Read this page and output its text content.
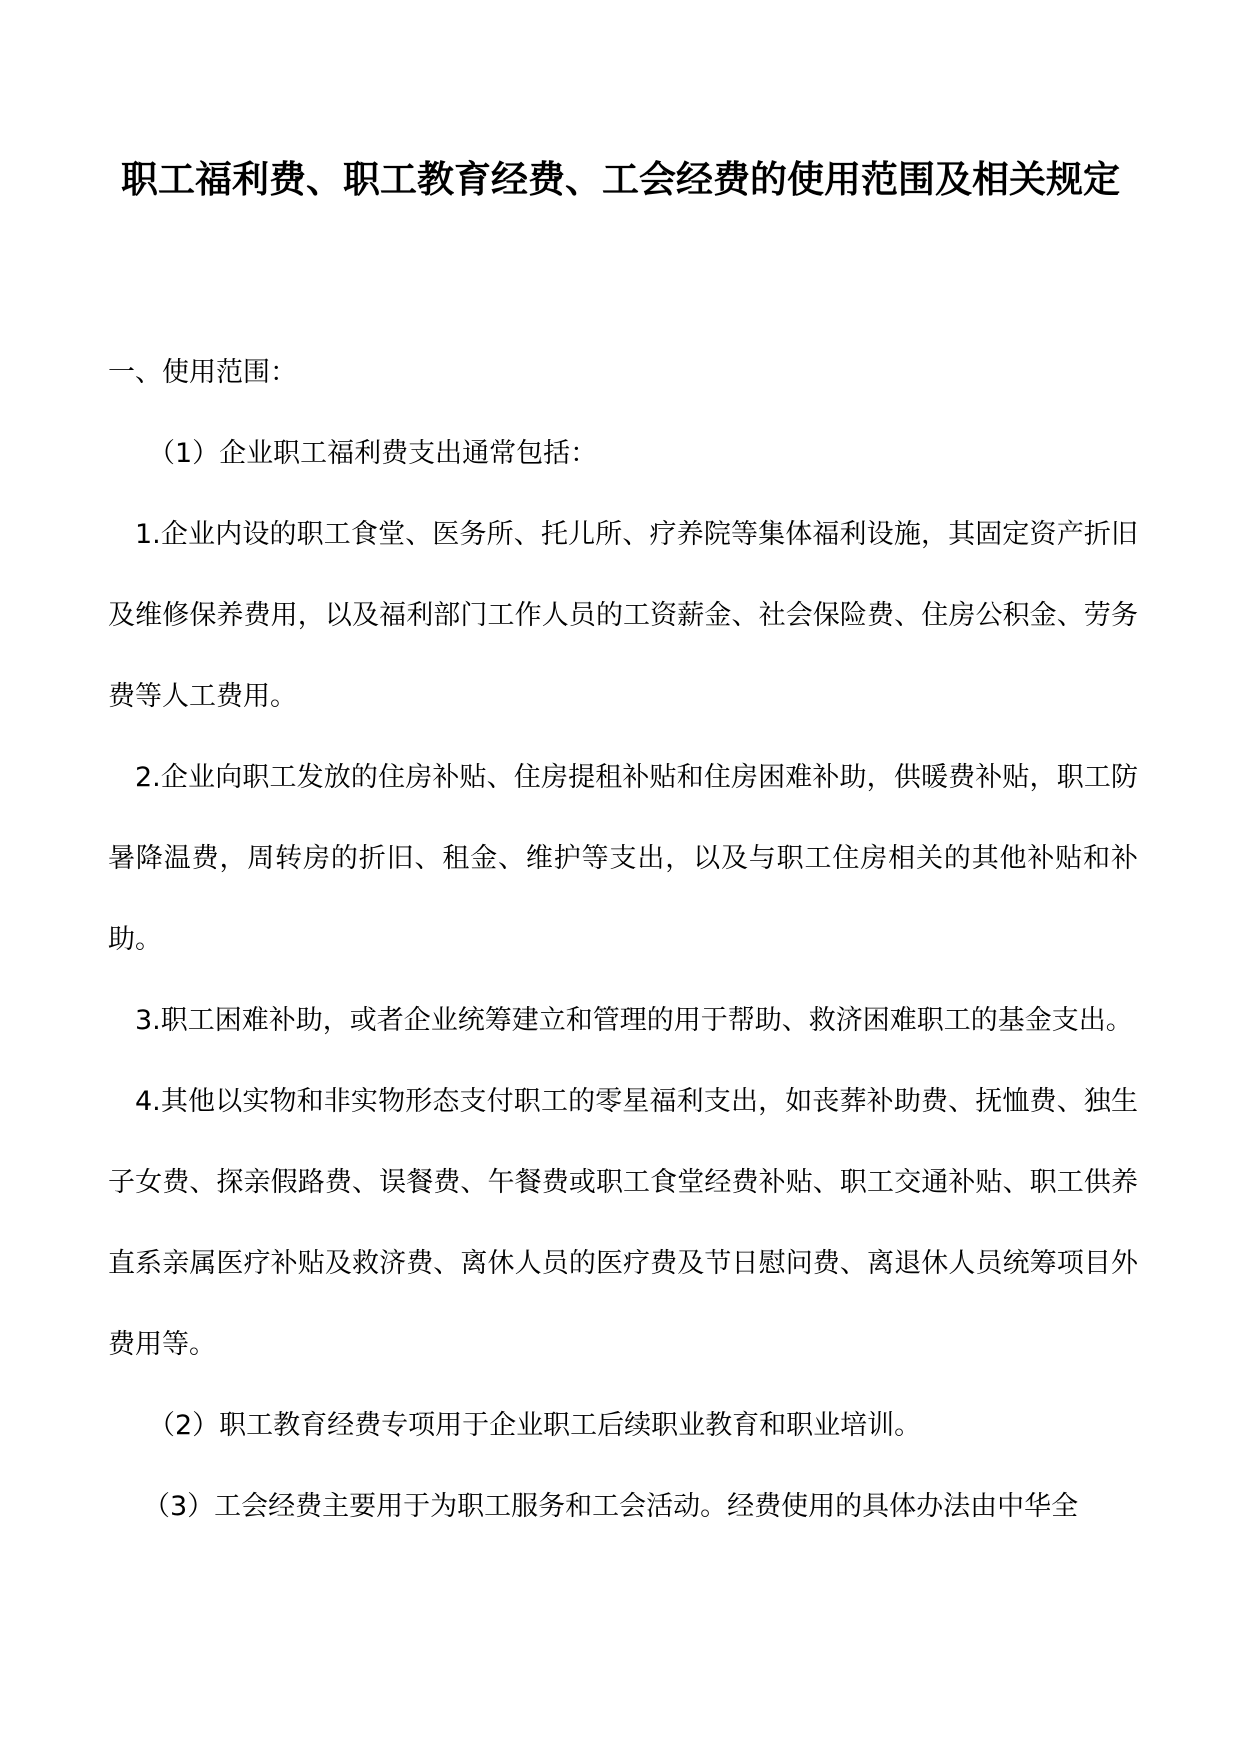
职工福利费、职工教育经费、工会经费的使用范围及相关规定

一、使用范围：

（1）企业职工福利费支出通常包括：

1.企业内设的职工食堂、医务所、托儿所、疗养院等集体福利设施，其固定资产折旧及维修保养费用，以及福利部门工作人员的工资薪金、社会保险费、住房公积金、劳务费等人工费用。

2.企业向职工发放的住房补贴、住房提租补贴和住房困难补助，供暖费补贴，职工防暑降温费，周转房的折旧、租金、维护等支出，以及与职工住房相关的其他补贴和补助。

3.职工困难补助，或者企业统筹建立和管理的用于帮助、救济困难职工的基金支出。

4.其他以实物和非实物形态支付职工的零星福利支出，如丧葬补助费、抚恤费、独生子女费、探亲假路费、误餐费、午餐费或职工食堂经费补贴、职工交通补贴、职工供养直系亲属医疗补贴及救济费、离休人员的医疗费及节日慰问费、离退休人员统筹项目外费用等。

（2）职工教育经费专项用于企业职工后续职业教育和职业培训。

（3）工会经费主要用于为职工服务和工会活动。经费使用的具体办法由中华全
